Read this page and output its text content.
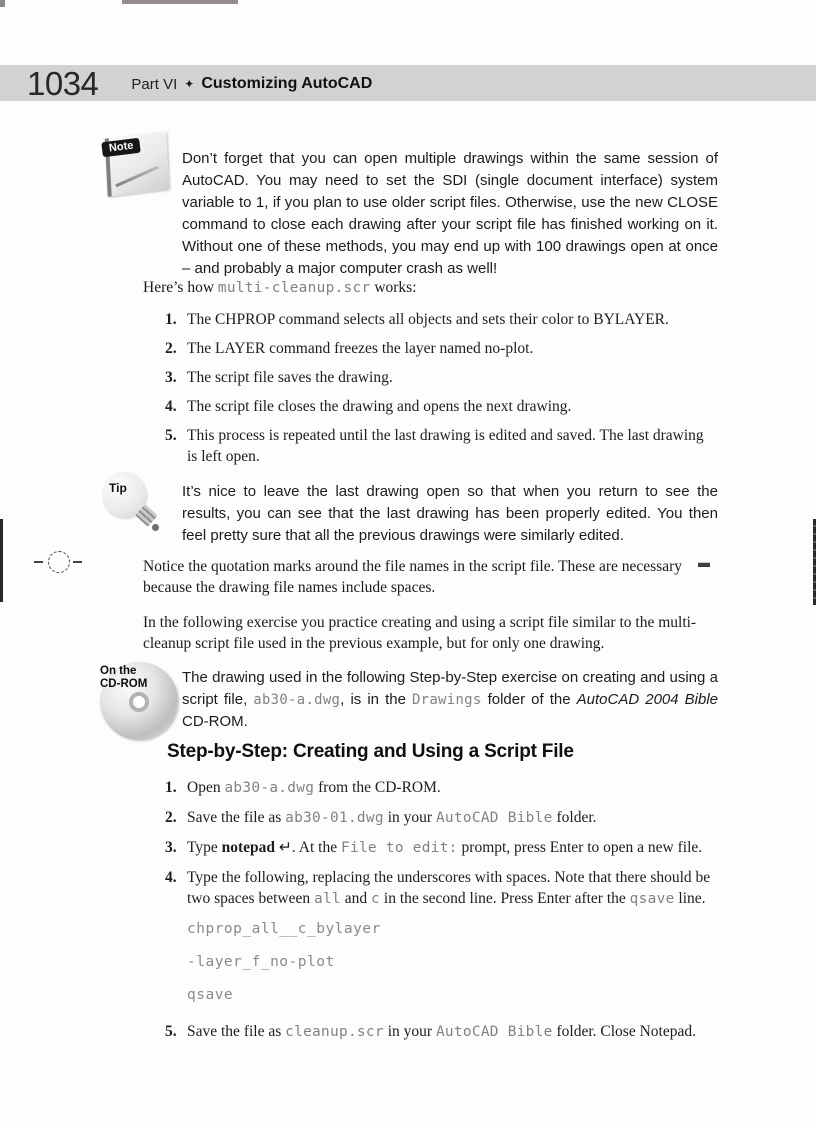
1034 Part VI ✦ Customizing AutoCAD
Note
Don’t forget that you can open multiple drawings within the same session of AutoCAD. You may need to set the SDI (single document interface) system variable to 1, if you plan to use older script files. Otherwise, use the new CLOSE command to close each drawing after your script file has finished working on it. Without one of these methods, you may end up with 100 drawings open at once – and probably a major computer crash as well!

Here’s how multi-cleanup.scr works:

1. The CHPROP command selects all objects and sets their color to BYLAYER.
2. The LAYER command freezes the layer named no-plot.
3. The script file saves the drawing.
4. The script file closes the drawing and opens the next drawing.
5. This process is repeated until the last drawing is edited and saved. The last drawing is left open.
Tip	It’s nice to leave the last drawing open so that when you return to see the results, you can see that the last drawing has been properly edited. You then feel pretty sure that all the previous drawings were similarly edited.

Notice the quotation marks around the file names in the script file. These are necessary because the drawing file names include spaces.

In the following exercise you practice creating and using a script file similar to the multi-cleanup script file used in the previous example, but for only one drawing.

On the
CD-ROM The drawing used in the following Step-by-Step exercise on creating and using a script file, ab30-a.dwg, is in the Drawings folder of the AutoCAD 2004 Bible CD-ROM.
Step-by-Step: Creating and Using a Script File
1. Open ab30-a.dwg from the CD-ROM.
2. Save the file as ab30-01.dwg in your AutoCAD Bible folder.
3. Type notepad ↵. At the File to edit: prompt, press Enter to open a new file.
4. Type the following, replacing the underscores with spaces. Note that there should be two spaces between all and c in the second line. Press Enter after the qsave line.
chprop_all__c_bylayer
-layer_f_no-plot
qsave
5. Save the file as cleanup.scr in your AutoCAD Bible folder. Close Notepad.
